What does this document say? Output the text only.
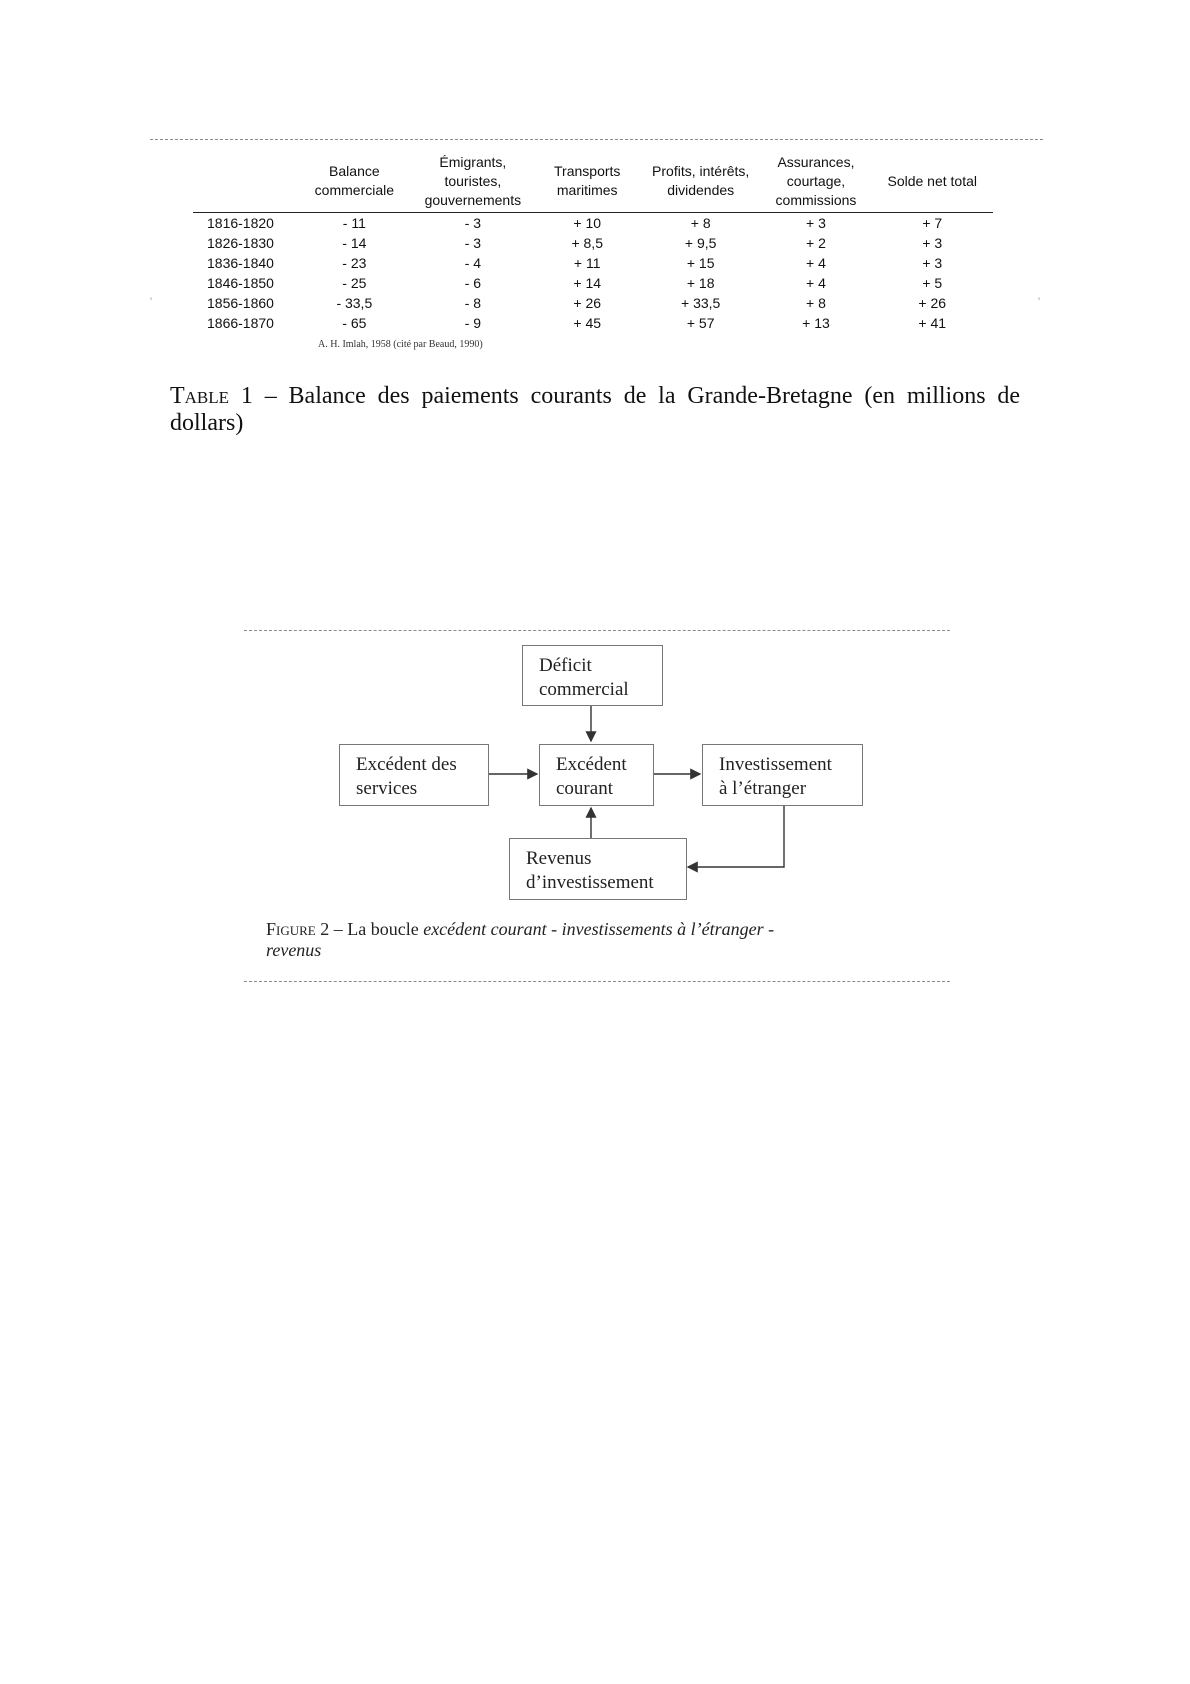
'	'
	Balance
commerciale	Émigrants,
touristes,
gouvernements	Transports
maritimes	Profits, intérêts,
dividendes	Assurances,
courtage,
commissions	Solde net total
1816-1820	- 11	- 3	+ 10	+ 8	+ 3	+ 7
1826-1830	- 14	- 3	+ 8,5	+ 9,5	+ 2	+ 3
1836-1840	- 23	- 4	+ 11	+ 15	+ 4	+ 3
1846-1850	- 25	- 6	+ 14	+ 18	+ 4	+ 5
1856-1860	- 33,5	- 8	+ 26	+ 33,5	+ 8	+ 26
1866-1870	- 65	- 9	+ 45	+ 57	+ 13	+ 41
A. H. Imlah, 1958 (cité par Beaud, 1990)
Table 1 – Balance des paiements courants de la Grande-Bretagne (en millions de dollars)
Déficit
commercial
Excédent des
services
Excédent
courant
Investissement
à l’étranger
Revenus
d’investissement
Figure 2 – La boucle excédent courant - investissements à l’étranger -
revenus
